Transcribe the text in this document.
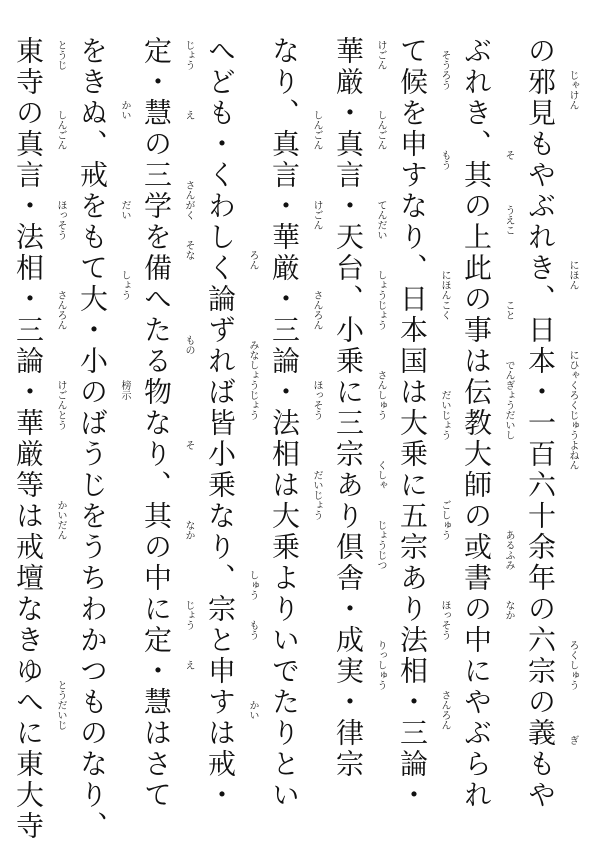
の邪見もやぶれき、日本・一百六十余年の六宗の義もや
ぶれき、其の上此の事は伝教大師の或書の中にやぶられ
て候を申すなり、日本国は大乗に五宗あり法相・三論・
華厳・真言・天台、小乗に三宗あり倶舎・成実・律宗
なり、真言・華厳・三論・法相は大乗よりいでたりとい
へども・くわしく論ずれば皆小乗なり、宗と申すは戒・
定・慧の三学を備へたる物なり、其の中に定・慧はさて
をきぬ、戒をもて大・小のばうじをうちわかつものなり、
東寺の真言・法相・三論・華厳等は戒壇なきゆへに東大寺	じゃけん
にほん
にひゃくろくじゅうよねん
ろくしゅう
ぎ
そ
うえこ
こと
でんぎょうだいし
あるふみ
なか
そうろう
もう
にほんこく
だいじょう
ごしゅう
ほっそう
さんろん
けごん
しんごん
てんだい
しょうじょう
さんしゅう
くしゃ
じょうじつ
りっしゅう
しんごん
けごん
さんろん
ほっそう
だいじょう
ろん
みなしょうじょう
しゅう
もう
かい
じょう
え
さんがく
そな
もの
そ
なか
じょう
え
かい
だい
しょう
榜示
とうじ
しんごん
ほっそう
さんろん
けごんとう
かいだん
とうだいじ
